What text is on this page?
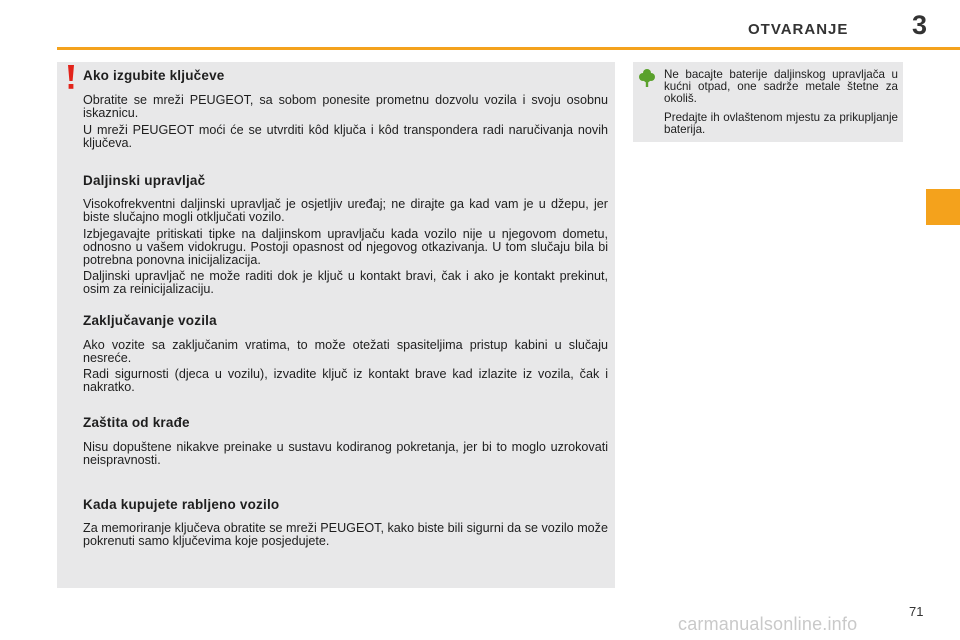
OTVARANJE 3
Ako izgubite ključeve
Obratite se mreži PEUGEOT, sa sobom ponesite prometnu dozvolu vozila i svoju osobnu iskaznicu.
U mreži PEUGEOT moći će se utvrditi kôd ključa i kôd transpondera radi naručivanja novih ključeva.
Daljinski upravljač
Visokofrekventni daljinski upravljač je osjetljiv uređaj; ne dirajte ga kad vam je u džepu, jer biste slučajno mogli otključati vozilo.
Izbjegavajte pritiskati tipke na daljinskom upravljaču kada vozilo nije u njegovom dometu, odnosno u vašem vidokrugu. Postoji opasnost od njegovog otkazivanja. U tom slučaju bila bi potrebna ponovna inicijalizacija.
Daljinski upravljač ne može raditi dok je ključ u kontakt bravi, čak i ako je kontakt prekinut, osim za reinicijalizaciju.
Zaključavanje vozila
Ako vozite sa zaključanim vratima, to može otežati spasiteljima pristup kabini u slučaju nesreće.
Radi sigurnosti (djeca u vozilu), izvadite ključ iz kontakt brave kad izlazite iz vozila, čak i nakratko.
Zaštita od krađe
Nisu dopuštene nikakve preinake u sustavu kodiranog pokretanja, jer bi to moglo uzrokovati neispravnosti.
Kada kupujete rabljeno vozilo
Za memoriranje ključeva obratite se mreži PEUGEOT, kako biste bili sigurni da se vozilo može pokrenuti samo ključevima koje posjedujete.
Ne bacajte baterije daljinskog upravljača u kućni otpad, one sadrže metale štetne za okoliš.
Predajte ih ovlaštenom mjestu za prikupljanje baterija.
71
carmanualsonline.info
